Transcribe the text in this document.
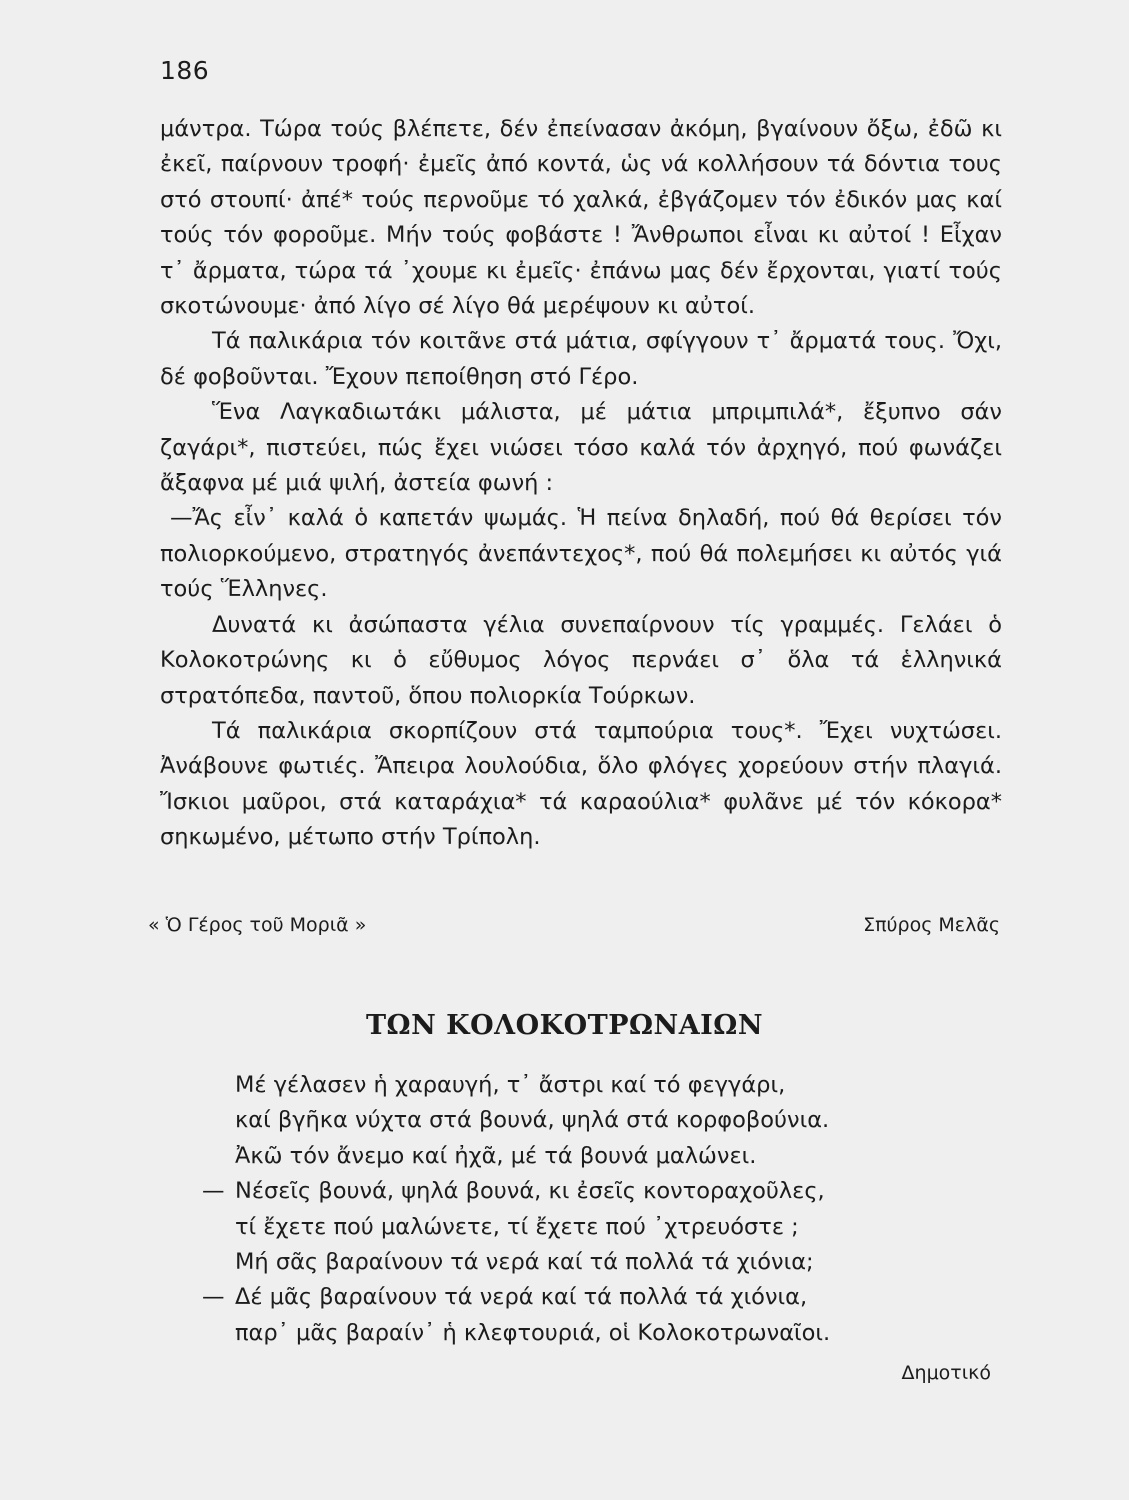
186

μάντρα. Τώρα τούς βλέπετε, δέν ἐπείνασαν ἀκόμη, βγαίνουν ὄξω, ἐδῶ κι ἐκεῖ, παίρνουν τροφή· ἐμεῖς ἀπό κοντά, ὡς νά κολλήσουν τά δόντια τους στό στουπί· ἀπέ* τούς περνοῦμε τό χαλκά, ἐβγάζομεν τόν ἐδικόν μας καί τούς τόν φοροῦμε. Μήν τούς φοβάστε ! Ἄνθρωποι εἶναι κι αὐτοί ! Εἶχαν τ᾽ ἄρματα, τώρα τά ᾽χουμε κι ἐμεῖς· ἐπάνω μας δέν ἔρχονται, γιατί τούς σκοτώνουμε· ἀπό λίγο σέ λίγο θά μερέψουν κι αὐτοί.

Τά παλικάρια τόν κοιτᾶνε στά μάτια, σφίγγουν τ᾽ ἄρματά τους. Ὄχι, δέ φοβοῦνται. Ἔχουν πεποίθηση στό Γέρο.

Ἕνα Λαγκαδιωτάκι μάλιστα, μέ μάτια μπριμπιλά*, ἔξυπνο σάν ζαγάρι*, πιστεύει, πώς ἔχει νιώσει τόσο καλά τόν ἀρχηγό, πού φωνάζει ἄξαφνα μέ μιά ψιλή, ἀστεία φωνή :

—Ἄς εἶν᾽ καλά ὁ καπετάν ψωμάς. Ἡ πείνα δηλαδή, πού θά θερίσει τόν πολιορκούμενο, στρατηγός ἀνεπάντεχος*, πού θά πολεμήσει κι αὐτός γιά τούς Ἕλληνες.

Δυνατά κι ἀσώπαστα γέλια συνεπαίρνουν τίς γραμμές. Γελάει ὁ Κολοκοτρώνης κι ὁ εὔθυμος λόγος περνάει σ᾽ ὅλα τά ἑλληνικά στρατόπεδα, παντοῦ, ὅπου πολιορκία Τούρκων.

Τά παλικάρια σκορπίζουν στά ταμπούρια τους*. Ἔχει νυχτώσει. Ἀνάβουνε φωτιές. Ἄπειρα λουλούδια, ὅλο φλόγες χορεύουν στήν πλαγιά. Ἴσκιοι μαῦροι, στά καταράχια* τά καραούλια* φυλᾶνε μέ τόν κόκορα* σηκωμένο, μέτωπο στήν Τρίπολη.

« Ὁ Γέρος τοῦ Μοριᾶ »	Σπύρος Μελᾶς
ΤΩΝ ΚΟΛΟΚΟΤΡΩΝΑΙΩΝ
Μέ γέλασεν ἡ χαραυγή, τ᾽ ἄστρι καί τό φεγγάρι,
καί βγῆκα νύχτα στά βουνά, ψηλά στά κορφοβούνια.
Ἀκῶ τόν ἄνεμο καί ἠχᾶ, μέ τά βουνά μαλώνει.
— Νέσεῖς βουνά, ψηλά βουνά, κι ἐσεῖς κοντοραχοῦλες,
τί ἔχετε πού μαλώνετε, τί ἔχετε πού ᾽χτρευόστε ;
Μή σᾶς βαραίνουν τά νερά καί τά πολλά τά χιόνια;
— Δέ μᾶς βαραίνουν τά νερά καί τά πολλά τά χιόνια,
παρ᾽ μᾶς βαραίν᾽ ἡ κλεφτουριά, οἱ Κολοκοτρωναῖοι.
Δημοτικό
